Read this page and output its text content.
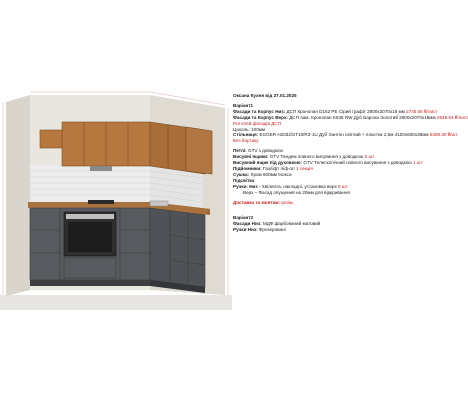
Оксана Кухня від 27.01.2025
Варіант1
Фасади та Корпус Низ: ДСП Кронопан D162 PE Сірий графіт 2800х2070х18 мм 2745.66 ₴/лист
Фасади та Корпус Верх: ДСП лам. Кронопан K535 RW Дуб Барона Золотий 2800х2070х18мм 2648.94 ₴/лист
Pur клей фасадів ДСП
Цоколь: 100мм
Стільниця: EGGER H2032/ST10/R3-1U Дуб Хантон світлий + пластик 2,5м 4100х600х38мм 5469.30 ₴/шт
Без бортику
Петлі: GTV з доводкою
Висувні ящики: GTV Тандем повного висування з доводкою 5 шт
Висувний ящик під духовкою: GTV Телескопічний повного висування з доводкою 1 шт
Підйомники: Газліфт ліф-оп 1 секція
Сушка: Хром 600мм Інокса
Підсвітка
Ручки: Низ - Хвілента, накладні, установка верх 8 шт
Верх – Фасад опущений на 20мм для відкривання
Доставка та монтаж: Ірпінь
Варіант2
Фасади Низ: МДФ фарбований матовий
Ручки Низ: Фрезеровані
